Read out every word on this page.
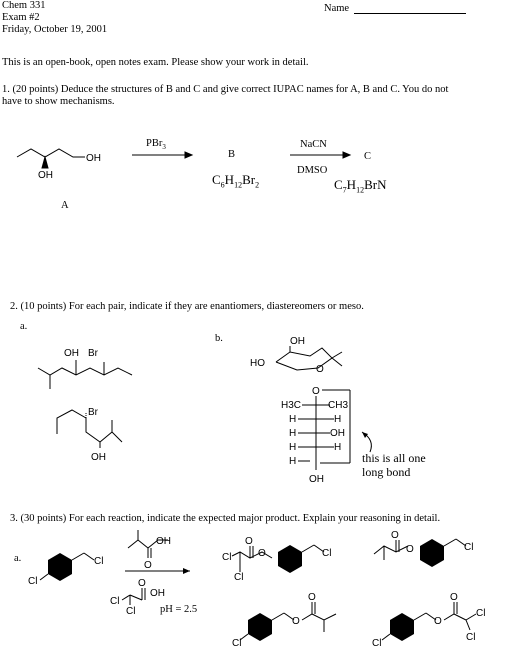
Chem 331
Exam #2
Friday, October 19, 2001
Name
This is an open-book, open notes exam. Please show your work in detail.
1. (20 points) Deduce the structures of B and C and give correct IUPAC names for A, B and C. You do not
have to show mechanisms.
PBr$_3$
B
$C_6H_{12}Br_2$
NaCN
C
DMSO
$C_7H_{12}BrN$
A
2. (10 points) For each pair, indicate if they are enantiomers, diastereomers or meso.
a.
b.
this is all one
long bond
3. (30 points) For each reaction, indicate the expected major product. Explain your reasoning in detail.
a.
pH = 2.5
OH
OH
OH Br
Br
OH
OH
HO
O
O
H3C	CH3
H	H
H	OH
H	H
H
OH
Cl
Cl
OH
O
Cl
Cl
O
OH
Cl
Cl
O
O	Cl
O
O	Cl
Cl
O
O
Cl
O
O
Cl
Cl
